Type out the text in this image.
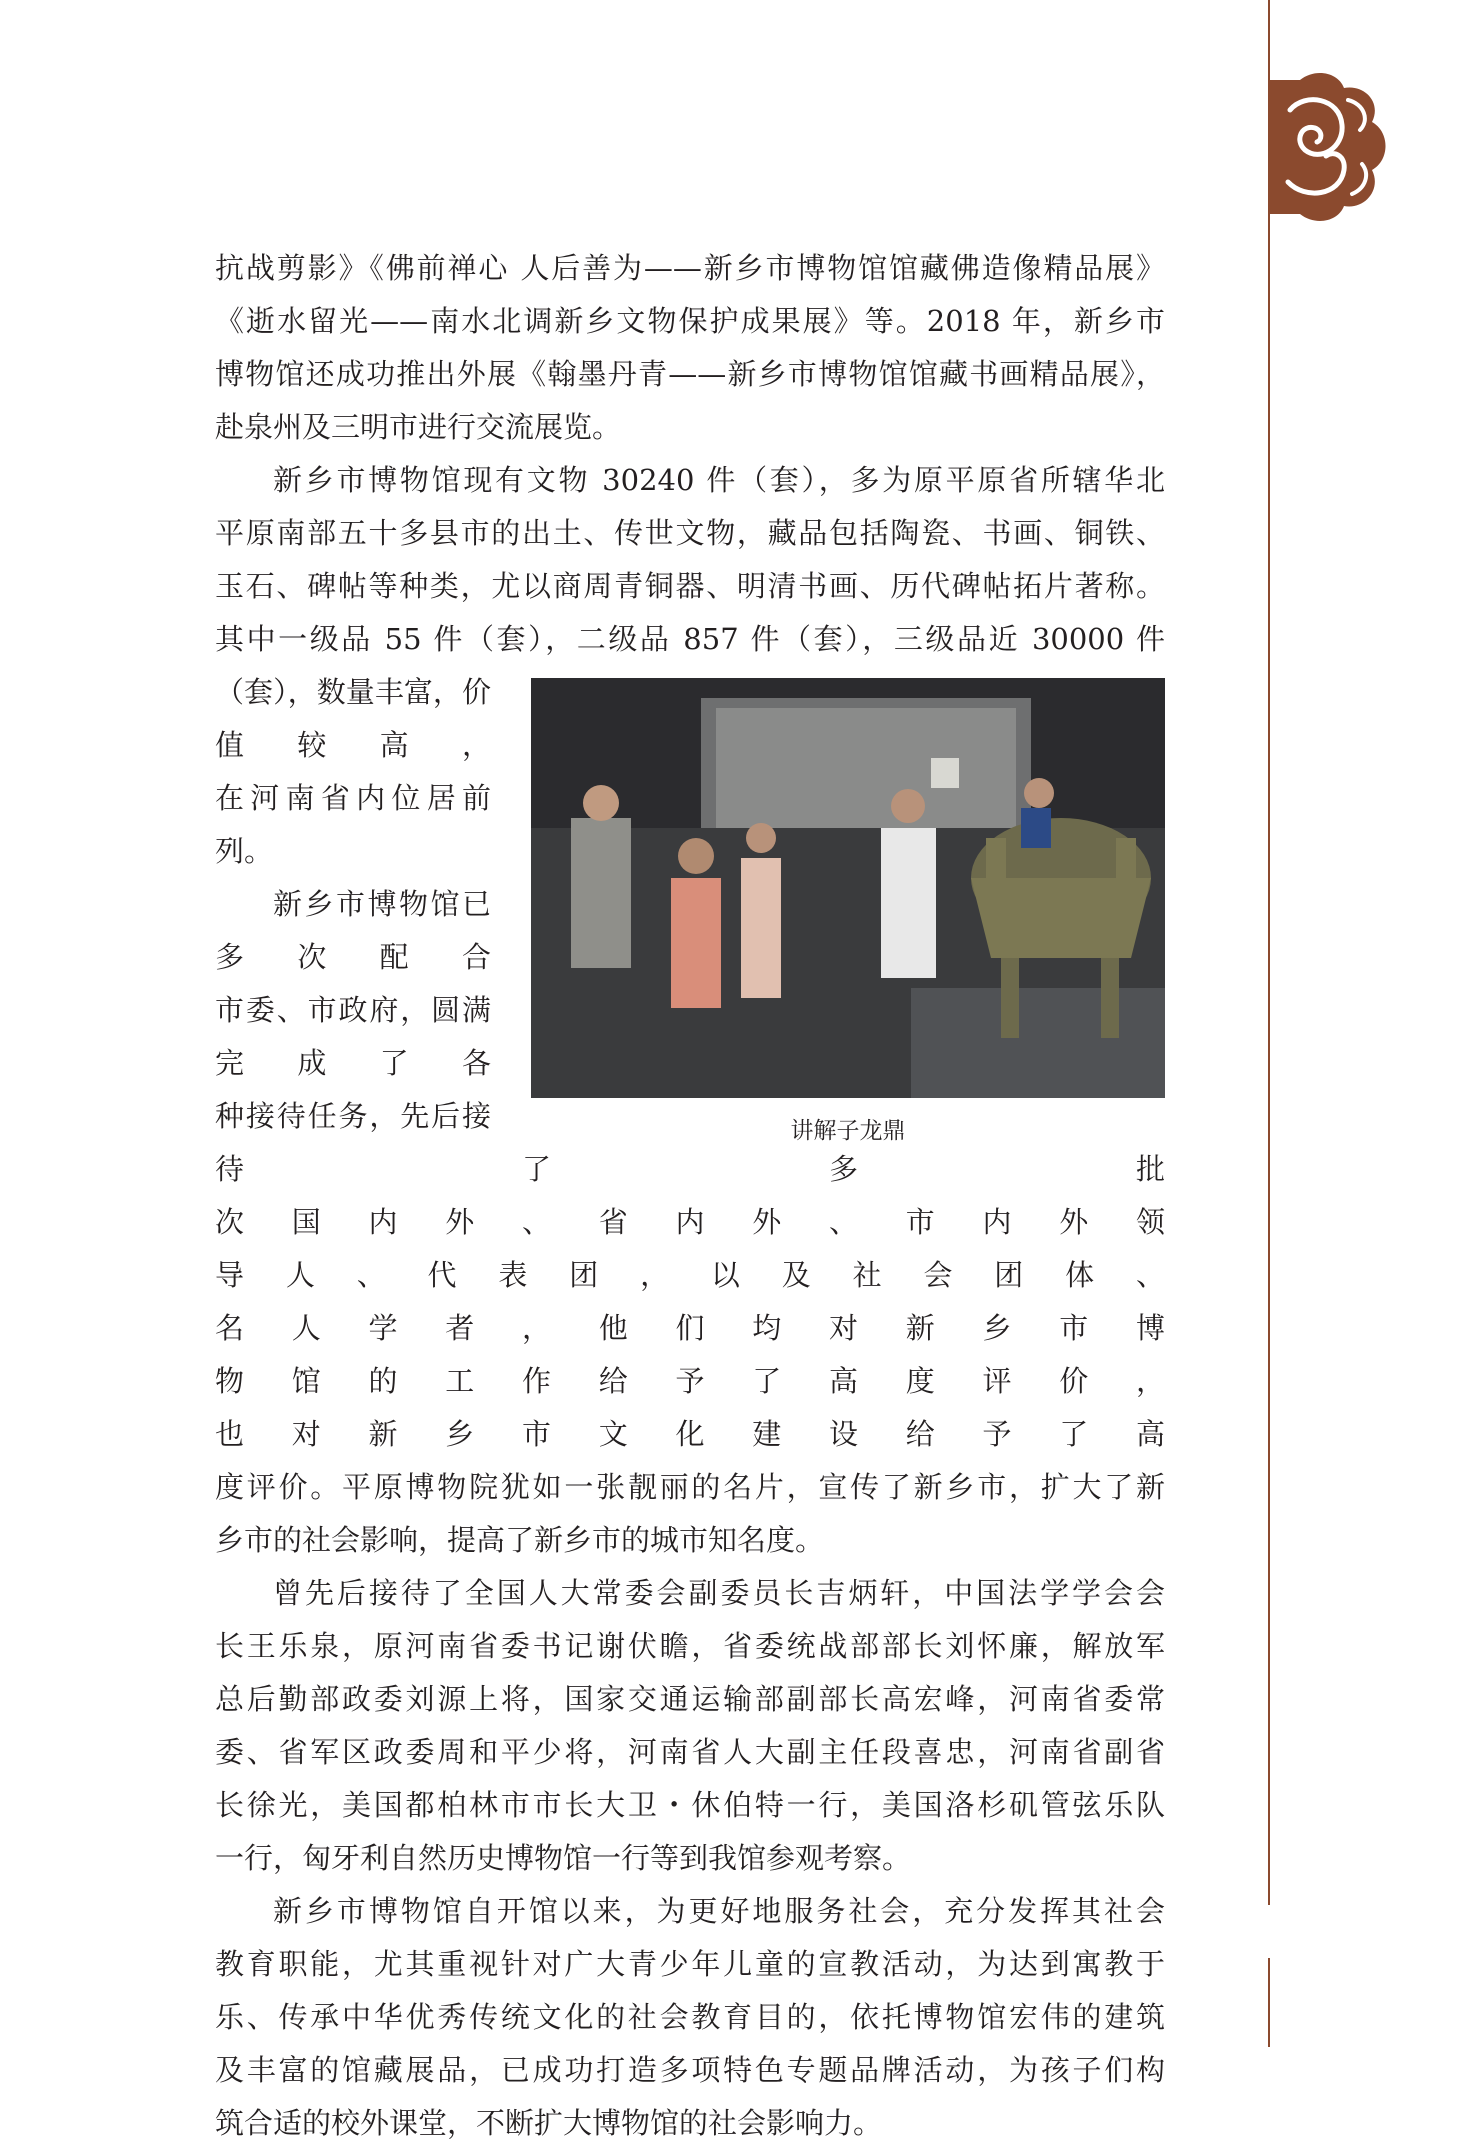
抗战剪影》《佛前禅心 人后善为——新乡市博物馆馆藏佛造像精品展》

《逝水留光——南水北调新乡文物保护成果展》等。2018 年，新乡市

博物馆还成功推出外展《翰墨丹青——新乡市博物馆馆藏书画精品展》，

赴泉州及三明市进行交流展览。

新乡市博物馆现有文物 30240 件（套），多为原平原省所辖华北

平原南部五十多县市的出土、传世文物，藏品包括陶瓷、书画、铜铁、

玉石、碑帖等种类，尤以商周青铜器、明清书画、历代碑帖拓片著称。

其中一级品 55 件（套），二级品 857 件（套），三级品近 30000 件

讲解子龙鼎

（套），数量丰富，价值较高，

在河南省内位居前列。

新乡市博物馆已多次配合

市委、市政府，圆满完成了各

种接待任务，先后接待了多批

次国内外、省内外、市内外领

导人、代表团，以及社会团体、

名人学者，他们均对新乡市博

物馆的工作给予了高度评价，

也对新乡市文化建设给予了高

度评价。平原博物院犹如一张靓丽的名片，宣传了新乡市，扩大了新

乡市的社会影响，提高了新乡市的城市知名度。

曾先后接待了全国人大常委会副委员长吉炳轩，中国法学学会会

长王乐泉，原河南省委书记谢伏瞻，省委统战部部长刘怀廉，解放军

总后勤部政委刘源上将，国家交通运输部副部长高宏峰，河南省委常

委、省军区政委周和平少将，河南省人大副主任段喜忠，河南省副省

长徐光，美国都柏林市市长大卫・休伯特一行，美国洛杉矶管弦乐队

一行，匈牙利自然历史博物馆一行等到我馆参观考察。

新乡市博物馆自开馆以来，为更好地服务社会，充分发挥其社会

教育职能，尤其重视针对广大青少年儿童的宣教活动，为达到寓教于

乐、传承中华优秀传统文化的社会教育目的，依托博物馆宏伟的建筑

及丰富的馆藏展品，已成功打造多项特色专题品牌活动，为孩子们构

筑合适的校外课堂，不断扩大博物馆的社会影响力。
